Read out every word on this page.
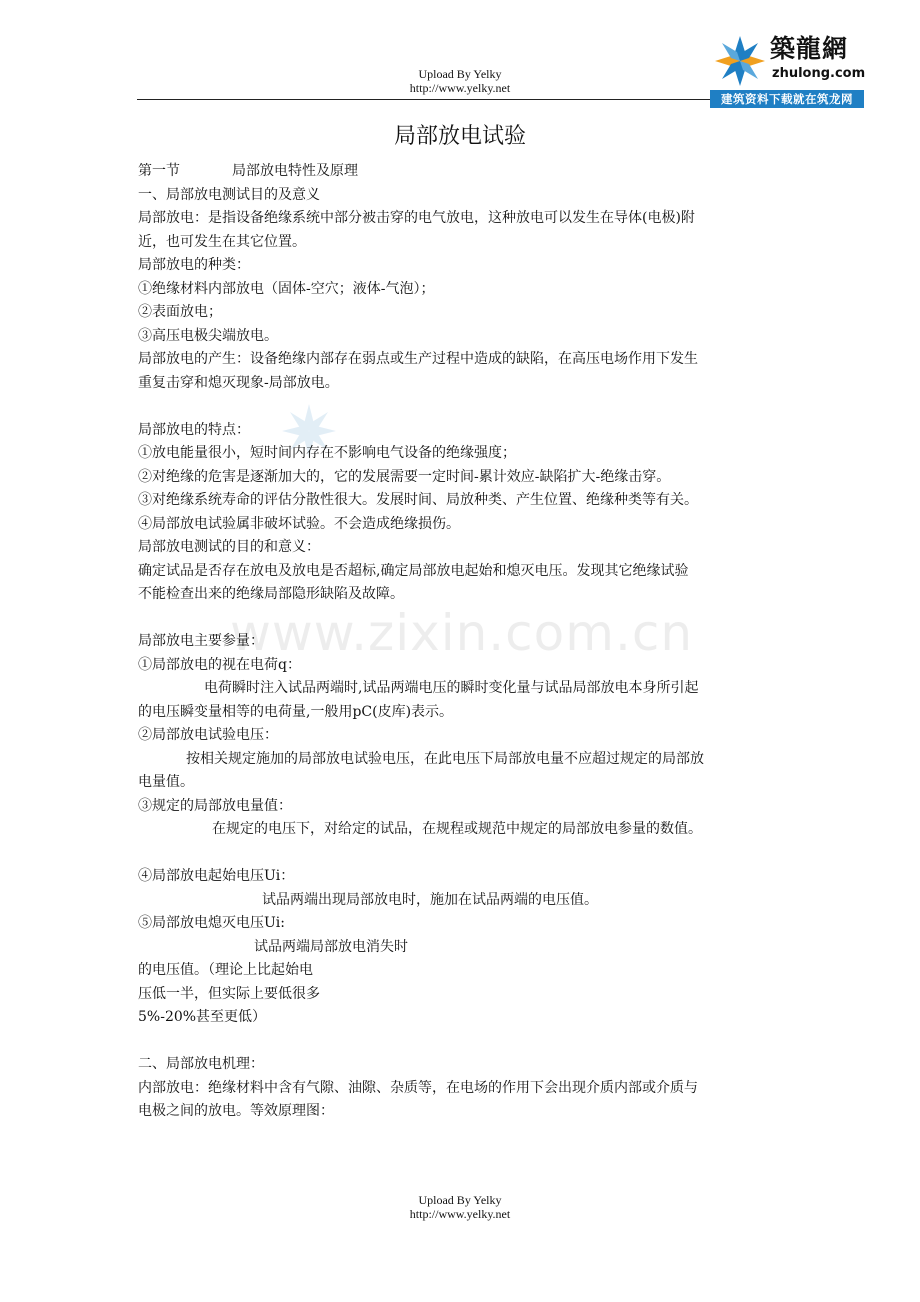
Upload By Yelky
http://www.yelky.net
築龍網
zhulong.com
建筑资料下载就在筑龙网
www.zixin.com.cn
局部放电试验

第一节	局部放电特性及原理

一、局部放电测试目的及意义

局部放电：是指设备绝缘系统中部分被击穿的电气放电，这种放电可以发生在导体(电极)附

近，也可发生在其它位置。

局部放电的种类：

①绝缘材料内部放电（固体-空穴；液体-气泡）；

②表面放电；

③高压电极尖端放电。

局部放电的产生：设备绝缘内部存在弱点或生产过程中造成的缺陷，在高压电场作用下发生

重复击穿和熄灭现象-局部放电。

局部放电的特点：

①放电能量很小，短时间内存在不影响电气设备的绝缘强度；

②对绝缘的危害是逐渐加大的，它的发展需要一定时间-累计效应-缺陷扩大-绝缘击穿。

③对绝缘系统寿命的评估分散性很大。发展时间、局放种类、产生位置、绝缘种类等有关。

④局部放电试验属非破坏试验。不会造成绝缘损伤。

局部放电测试的目的和意义：

确定试品是否存在放电及放电是否超标,确定局部放电起始和熄灭电压。发现其它绝缘试验

不能检查出来的绝缘局部隐形缺陷及故障。

局部放电主要参量：

①局部放电的视在电荷q：

电荷瞬时注入试品两端时,试品两端电压的瞬时变化量与试品局部放电本身所引起

的电压瞬变量相等的电荷量,一般用pC(皮库)表示。

②局部放电试验电压：

按相关规定施加的局部放电试验电压，在此电压下局部放电量不应超过规定的局部放

电量值。

③规定的局部放电量值：

在规定的电压下，对给定的试品，在规程或规范中规定的局部放电参量的数值。

④局部放电起始电压Ui：

试品两端出现局部放电时，施加在试品两端的电压值。

⑤局部放电熄灭电压Ui:

试品两端局部放电消失时

的电压值。（理论上比起始电

压低一半，但实际上要低很多

5%-20%甚至更低）

二、局部放电机理：

内部放电：绝缘材料中含有气隙、油隙、杂质等，在电场的作用下会出现介质内部或介质与

电极之间的放电。等效原理图：

Upload By Yelky
http://www.yelky.net
